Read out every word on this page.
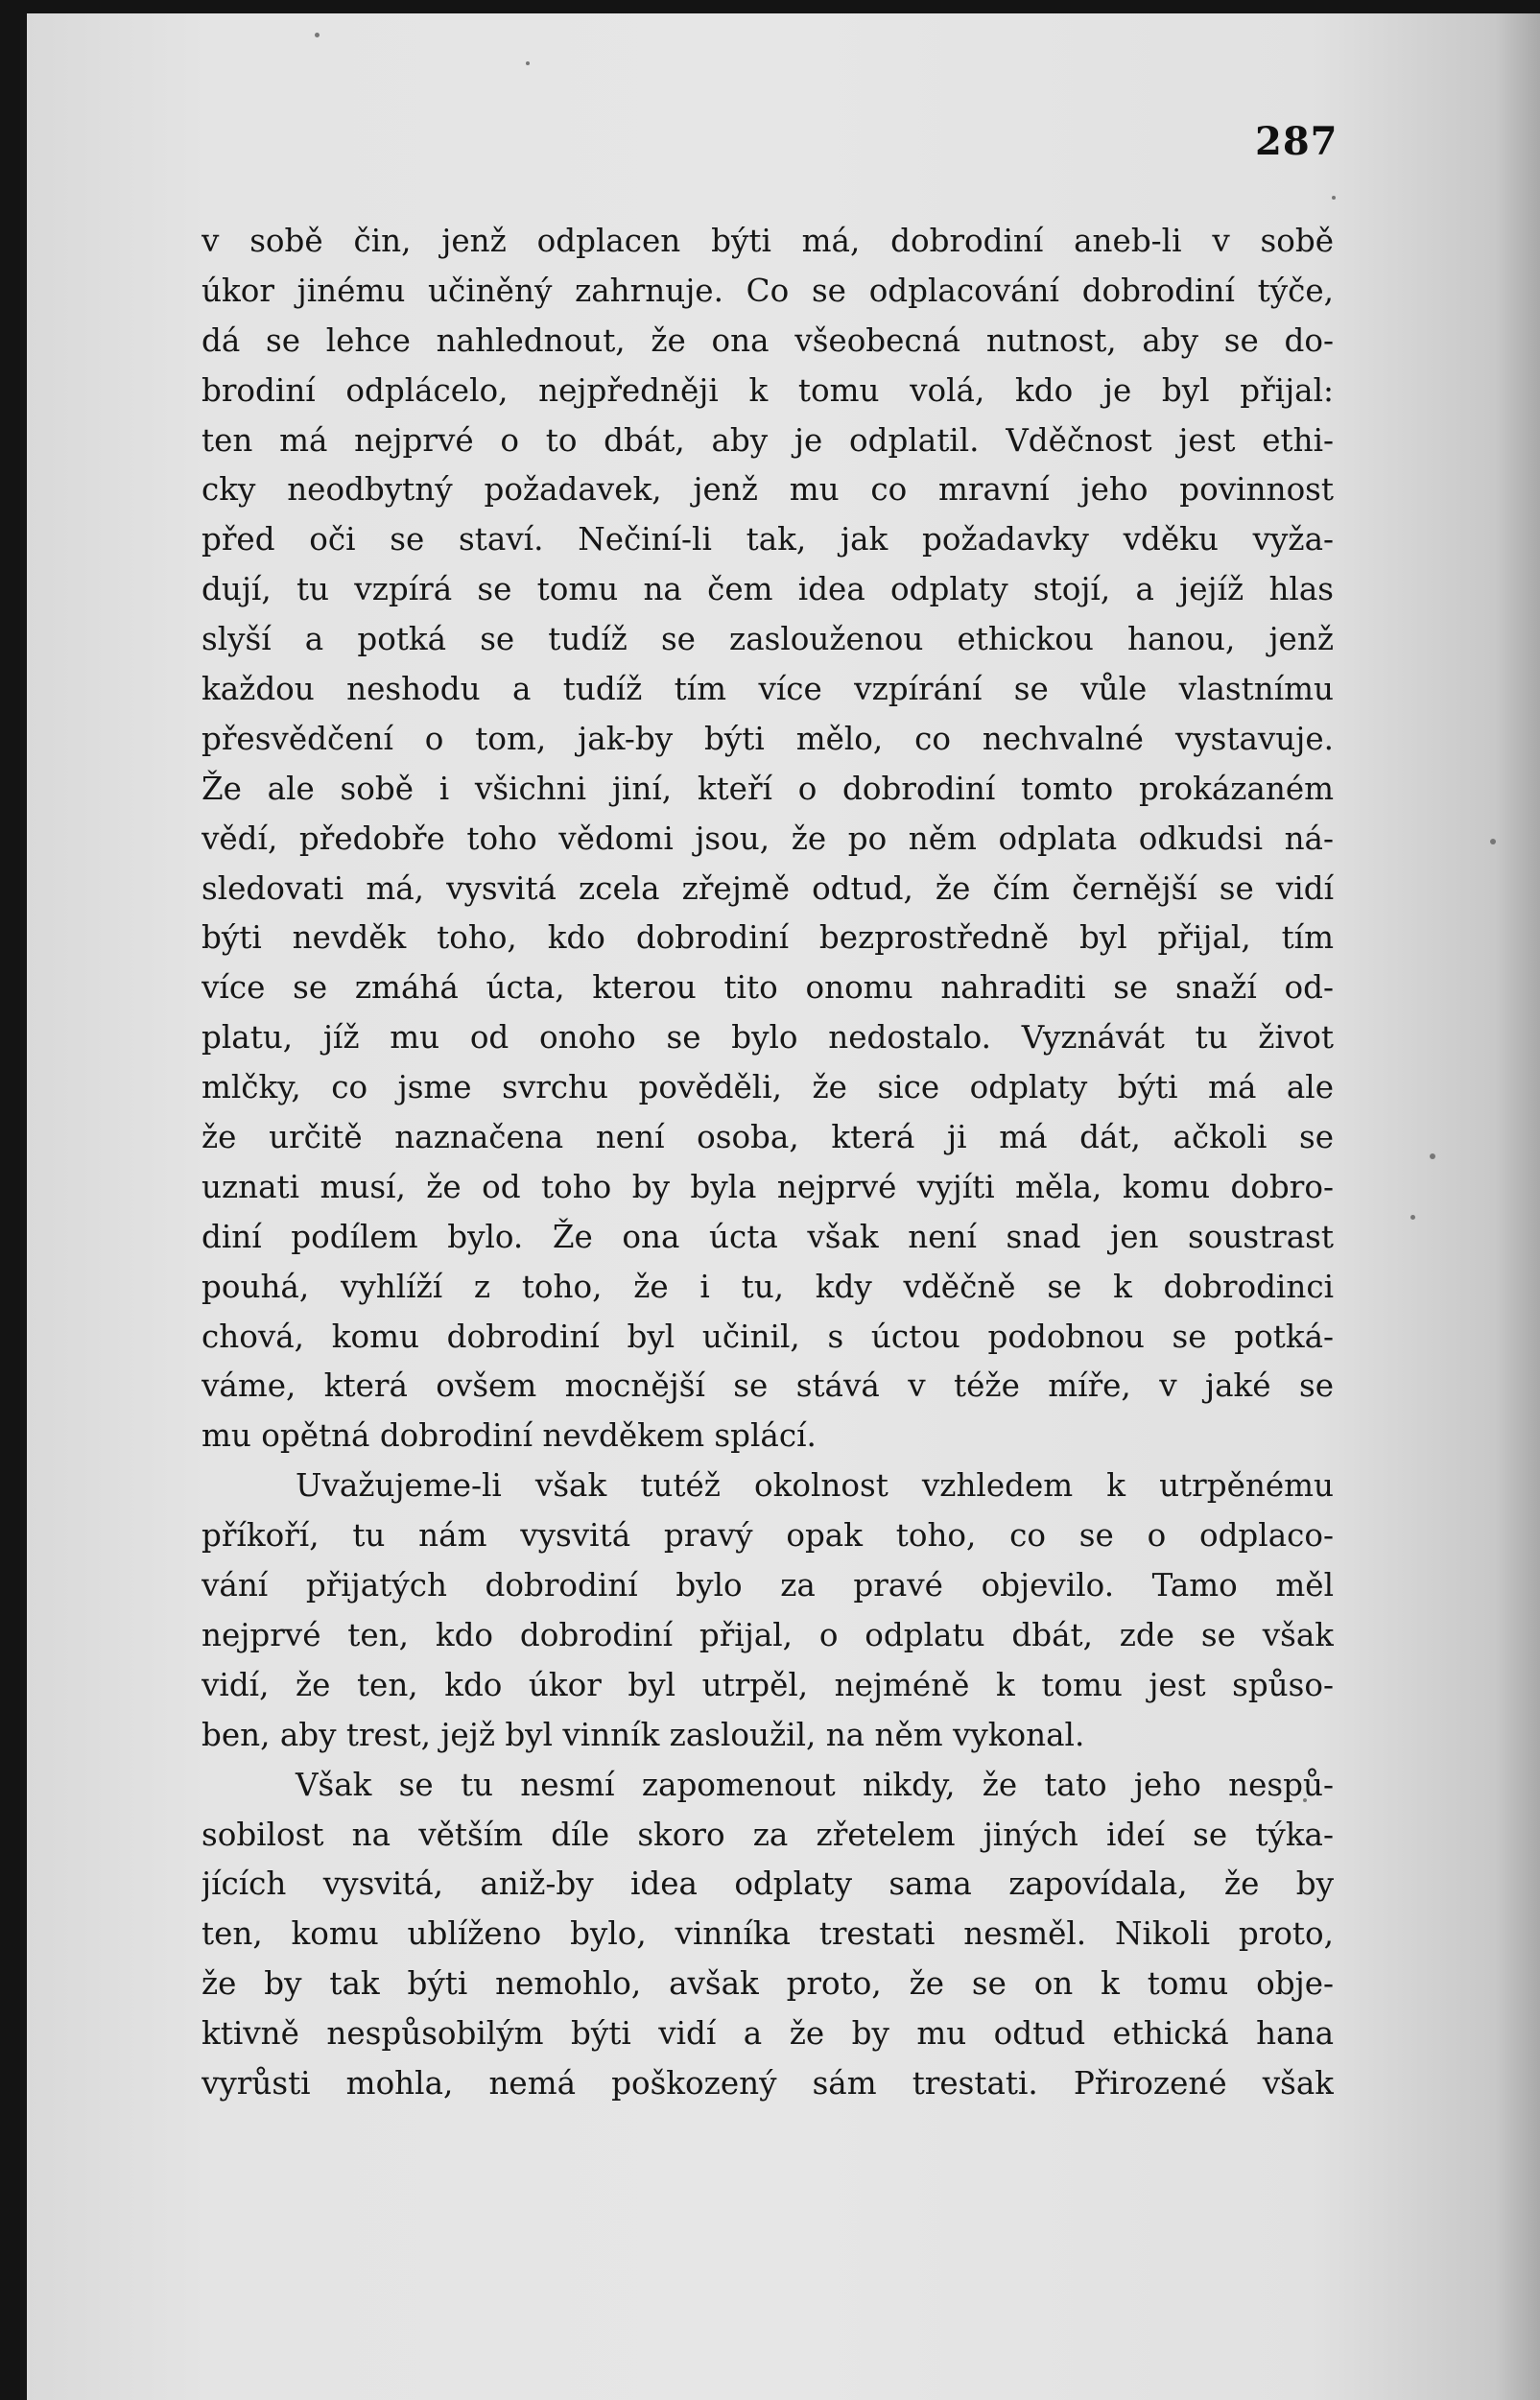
287
v sobě čin, jenž odplacen býti má, dobrodiní aneb-li v sobě
úkor jinému učiněný zahrnuje. Co se odplacování dobrodiní týče,
dá se lehce nahlednout, že ona všeobecná nutnost, aby se do-
brodiní odplácelo, nejpředněji k tomu volá, kdo je byl přijal:
ten má nejprvé o to dbát, aby je odplatil. Vděčnost jest ethi-
cky neodbytný požadavek, jenž mu co mravní jeho povinnost
před oči se staví. Nečiní-li tak, jak požadavky vděku vyža-
dují, tu vzpírá se tomu na čem idea odplaty stojí, a jejíž hlas
slyší a potká se tudíž se zaslouženou ethickou hanou, jenž
každou neshodu a tudíž tím více vzpírání se vůle vlastnímu
přesvědčení o tom, jak-by býti mělo, co nechvalné vystavuje.
Že ale sobě i všichni jiní, kteří o dobrodiní tomto prokázaném
vědí, předobře toho vědomi jsou, že po něm odplata odkudsi ná-
sledovati má, vysvitá zcela zřejmě odtud, že čím černější se vidí
býti nevděk toho, kdo dobrodiní bezprostředně byl přijal, tím
více se zmáhá úcta, kterou tito onomu nahraditi se snaží od-
platu, jíž mu od onoho se bylo nedostalo. Vyznávát tu život
mlčky, co jsme svrchu pověděli, že sice odplaty býti má ale
že určitě naznačena není osoba, která ji má dát, ačkoli se
uznati musí, že od toho by byla nejprvé vyjíti měla, komu dobro-
diní podílem bylo. Že ona úcta však není snad jen soustrast
pouhá, vyhlíží z toho, že i tu, kdy vděčně se k dobrodinci
chová, komu dobrodiní byl učinil, s úctou podobnou se potká-
váme, která ovšem mocnější se stává v téže míře, v jaké se
mu opětná dobrodiní nevděkem splácí.
Uvažujeme-li však tutéž okolnost vzhledem k utrpěnému
příkoří, tu nám vysvitá pravý opak toho, co se o odplaco-
vání přijatých dobrodiní bylo za pravé objevilo. Tamo měl
nejprvé ten, kdo dobrodiní přijal, o odplatu dbát, zde se však
vidí, že ten, kdo úkor byl utrpěl, nejméně k tomu jest spůso-
ben, aby trest, jejž byl vinník zasloužil, na něm vykonal.
Však se tu nesmí zapomenout nikdy, že tato jeho nespů-
sobilost na větším díle skoro za zřetelem jiných ideí se týka-
jících vysvitá, aniž-by idea odplaty sama zapovídala, že by
ten, komu ublíženo bylo, vinníka trestati nesměl. Nikoli proto,
že by tak býti nemohlo, avšak proto, že se on k tomu obje-
ktivně nespůsobilým býti vidí a že by mu odtud ethická hana
vyrůsti mohla, nemá poškozený sám trestati. Přirozené však
